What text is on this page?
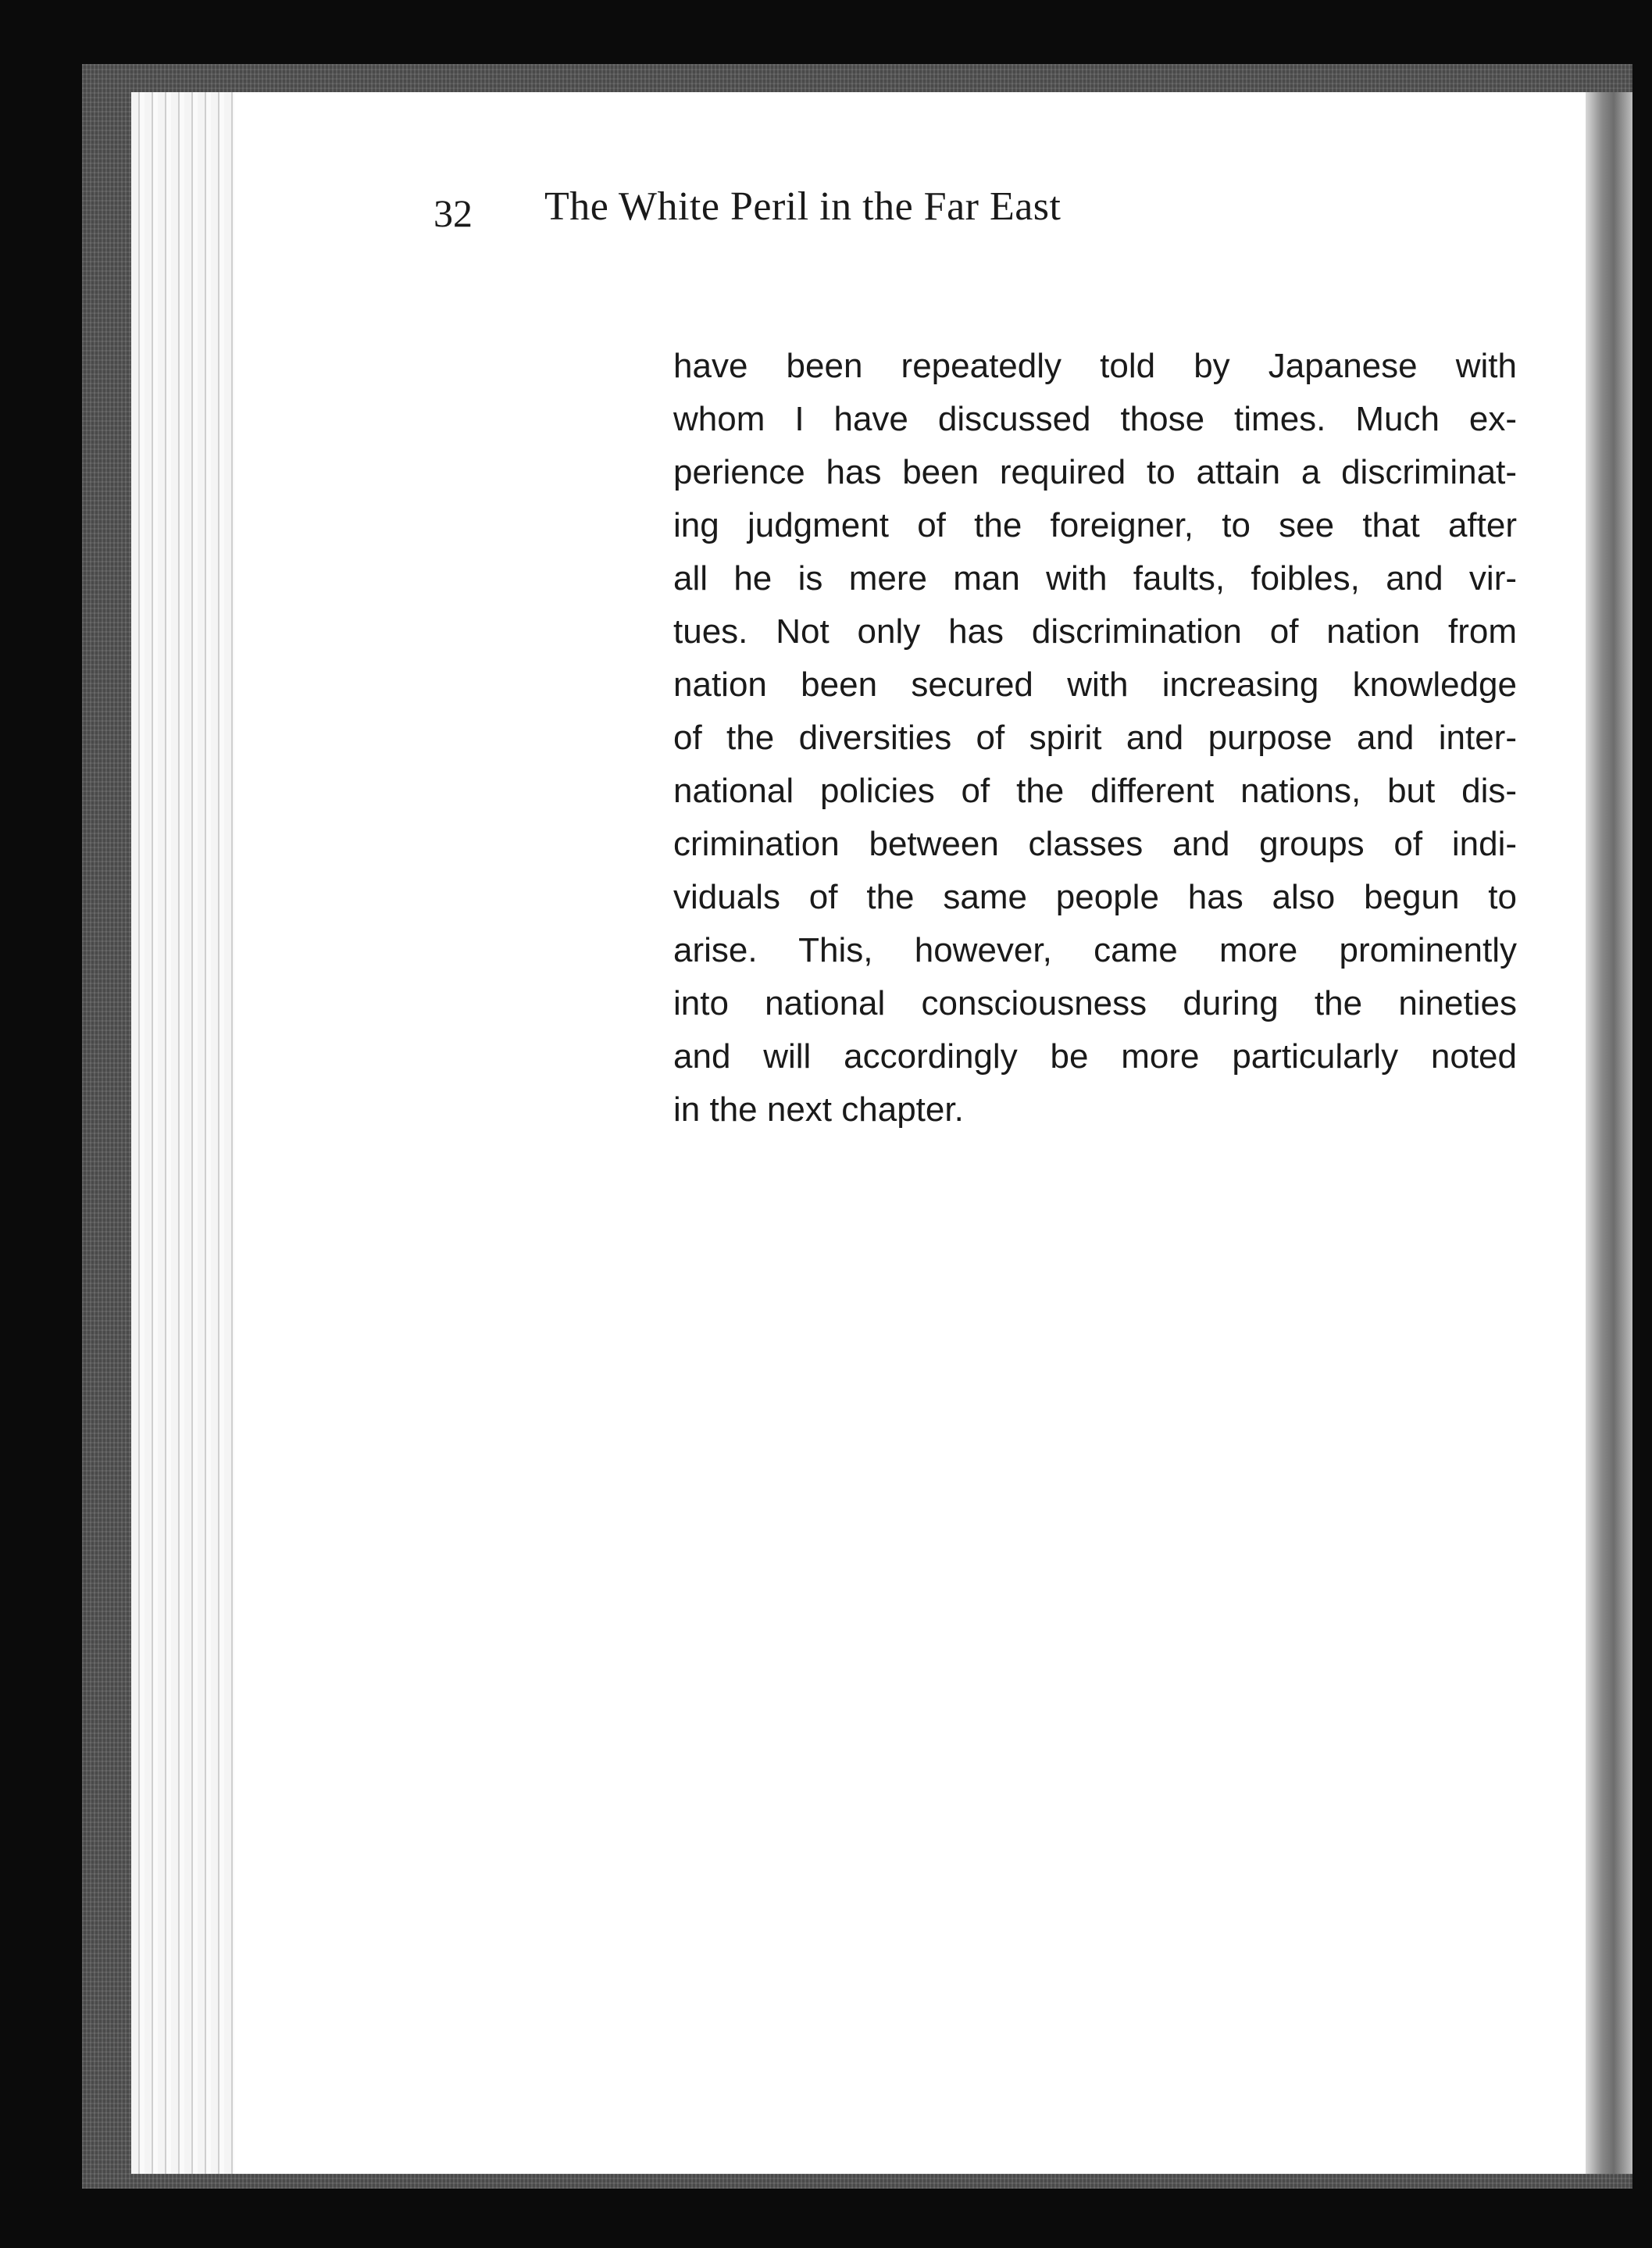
32 The White Peril in the Far East
have been repeatedly told by Japanese with
whom I have discussed those times. Much ex-
perience has been required to attain a discriminat-
ing judgment of the foreigner, to see that after
all he is mere man with faults, foibles, and vir-
tues. Not only has discrimination of nation from
nation been secured with increasing knowledge
of the diversities of spirit and purpose and inter-
national policies of the different nations, but dis-
crimination between classes and groups of indi-
viduals of the same people has also begun to
arise. This, however, came more prominently
into national consciousness during the nineties
and will accordingly be more particularly noted
in the next chapter.
